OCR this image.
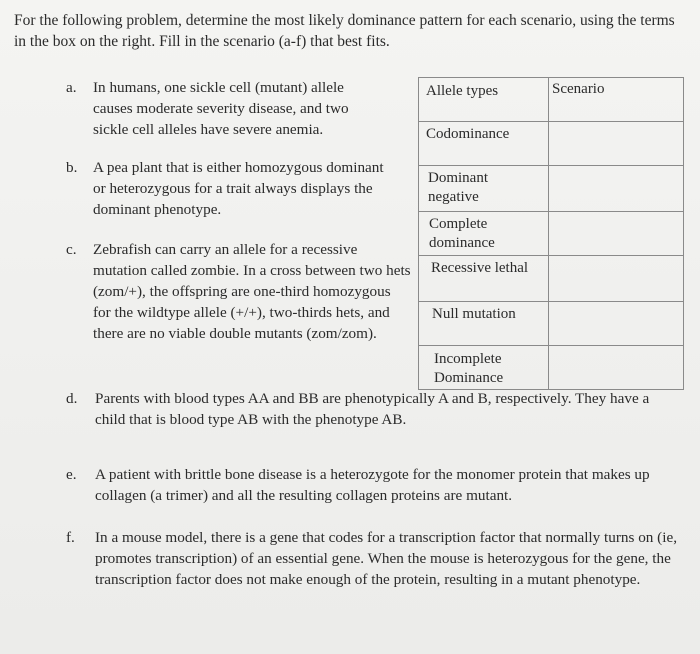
For the following problem, determine the most likely dominance pattern for each scenario, using the terms in the box on the right. Fill in the scenario (a-f) that best fits.
a. In humans, one sickle cell (mutant) allele causes moderate severity disease, and two sickle cell alleles have severe anemia.
b. A pea plant that is either homozygous dominant or heterozygous for a trait always displays the dominant phenotype.
c. Zebrafish can carry an allele for a recessive mutation called zombie. In a cross between two hets (zom/+), the offspring are one-third homozygous for the wildtype allele (+/+), two-thirds hets, and there are no viable double mutants (zom/zom).
d. Parents with blood types AA and BB are phenotypically A and B, respectively. They have a child that is blood type AB with the phenotype AB.
e. A patient with brittle bone disease is a heterozygote for the monomer protein that makes up collagen (a trimer) and all the resulting collagen proteins are mutant.
f. In a mouse model, there is a gene that codes for a transcription factor that normally turns on (ie, promotes transcription) of an essential gene. When the mouse is heterozygous for the gene, the transcription factor does not make enough of the protein, resulting in a mutant phenotype.
Allele types	Scenario
Codominance
Dominant negative
Complete dominance
Recessive lethal
Null mutation
Incomplete Dominance
